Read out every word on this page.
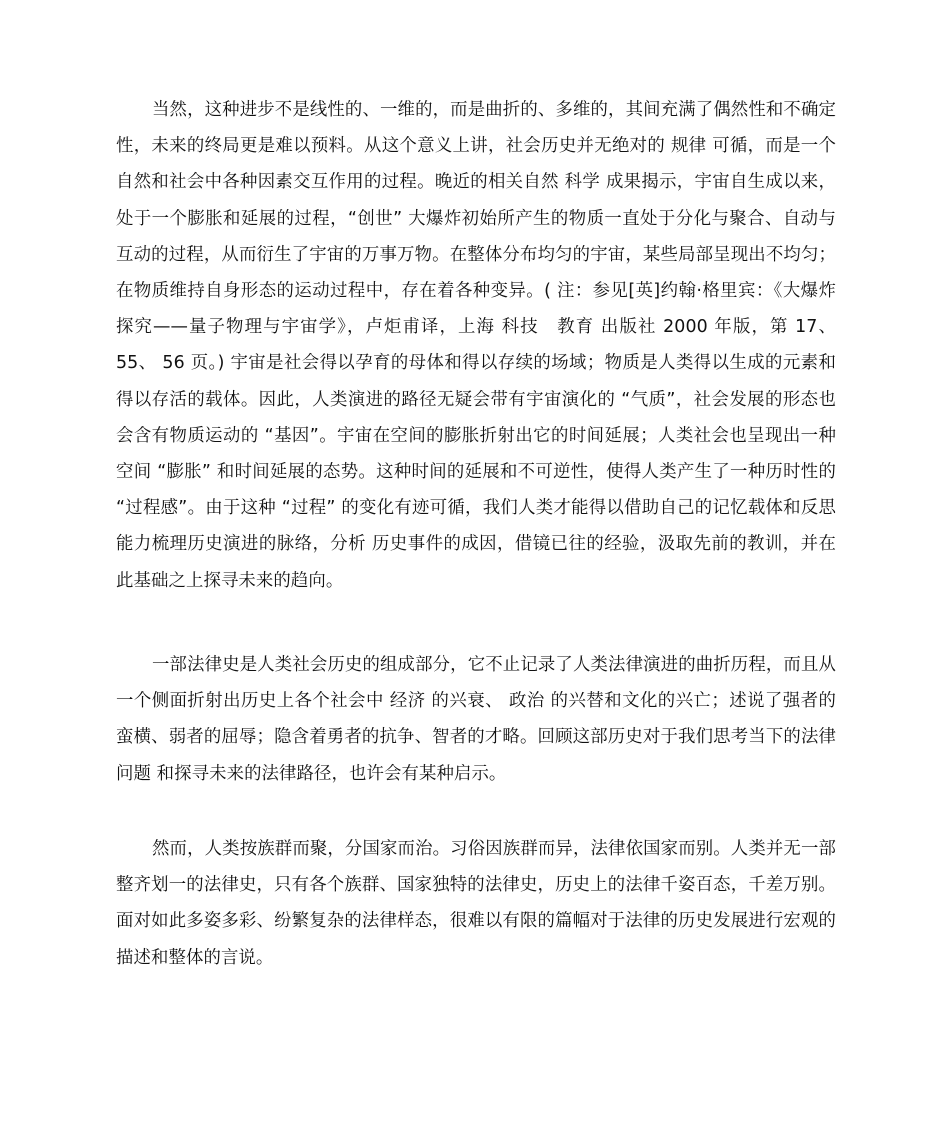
当然，这种进步不是线性的、一维的，而是曲折的、多维的，其间充满了偶然性和不确定性，未来的终局更是难以预料。从这个意义上讲，社会历史并无绝对的 规律 可循，而是一个自然和社会中各种因素交互作用的过程。晚近的相关自然 科学 成果揭示，宇宙自生成以来，处于一个膨胀和延展的过程，“创世” 大爆炸初始所产生的物质一直处于分化与聚合、自动与互动的过程，从而衍生了宇宙的万事万物。在整体分布均匀的宇宙，某些局部呈现出不均匀；在物质维持自身形态的运动过程中，存在着各种变异。( 注：参见[英]约翰·格里宾：《大爆炸探究——量子物理与宇宙学》，卢炬甫译，上海 科技　教育 出版社 2000 年版，第 17、55、 56 页。) 宇宙是社会得以孕育的母体和得以存续的场域；物质是人类得以生成的元素和得以存活的载体。因此，人类演进的路径无疑会带有宇宙演化的 “气质”，社会发展的形态也会含有物质运动的 “基因”。宇宙在空间的膨胀折射出它的时间延展；人类社会也呈现出一种空间 “膨胀” 和时间延展的态势。这种时间的延展和不可逆性，使得人类产生了一种历时性的 “过程感”。由于这种 “过程” 的变化有迹可循，我们人类才能得以借助自己的记忆载体和反思能力梳理历史演进的脉络，分析 历史事件的成因，借镜已往的经验，汲取先前的教训，并在此基础之上探寻未来的趋向。

一部法律史是人类社会历史的组成部分，它不止记录了人类法律演进的曲折历程，而且从一个侧面折射出历史上各个社会中 经济 的兴衰、 政治 的兴替和文化的兴亡；述说了强者的蛮横、弱者的屈辱；隐含着勇者的抗争、智者的才略。回顾这部历史对于我们思考当下的法律 问题 和探寻未来的法律路径，也许会有某种启示。

然而，人类按族群而聚，分国家而治。习俗因族群而异，法律依国家而别。人类并无一部整齐划一的法律史，只有各个族群、国家独特的法律史，历史上的法律千姿百态，千差万别。面对如此多姿多彩、纷繁复杂的法律样态，很难以有限的篇幅对于法律的历史发展进行宏观的描述和整体的言说。
